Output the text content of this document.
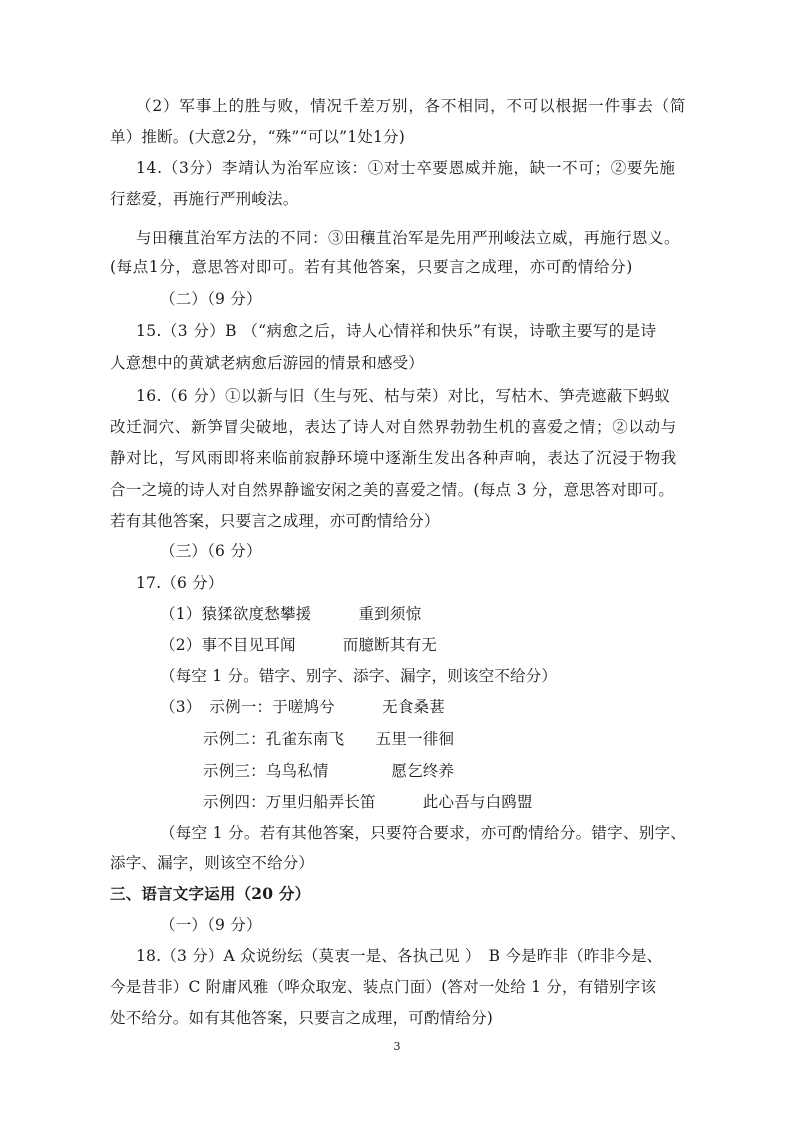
（2）军事上的胜与败，情况千差万别，各不相同，不可以根据一件事去（简
单）推断。(大意2分，“殊”“可以”1处1分)
14.（3分）李靖认为治军应该：①对士卒要恩威并施，缺一不可；②要先施
行慈爱，再施行严刑峻法。
与田穰苴治军方法的不同：③田穰苴治军是先用严刑峻法立威，再施行恩义。
(每点1分，意思答对即可。若有其他答案，只要言之成理，亦可酌情给分)
（二）（9 分）
15.（3 分）B （“病愈之后，诗人心情祥和快乐”有误，诗歌主要写的是诗
人意想中的黄斌老病愈后游园的情景和感受）
16.（6 分）①以新与旧（生与死、枯与荣）对比，写枯木、笋壳遮蔽下蚂蚁
改迁洞穴、新笋冒尖破地，表达了诗人对自然界勃勃生机的喜爱之情；②以动与
静对比，写风雨即将来临前寂静环境中逐渐生发出各种声响，表达了沉浸于物我
合一之境的诗人对自然界静谧安闲之美的喜爱之情。(每点 3 分，意思答对即可。
若有其他答案，只要言之成理，亦可酌情给分）
（三）（6 分）
17.（6 分）
（1）猿猱欲度愁攀援　　　重到须惊
（2）事不目见耳闻　　　而臆断其有无
（每空 1 分。错字、别字、添字、漏字，则该空不给分）
（3）　示例一：于嗟鸠兮　　　无食桑葚
示例二：孔雀东南飞　　五里一徘徊
示例三：乌鸟私情　　　　愿乞终养
示例四：万里归船弄长笛　　　此心吾与白鸥盟
（每空 1 分。若有其他答案，只要符合要求，亦可酌情给分。错字、别字、
添字、漏字，则该空不给分）
三、语言文字运用（20 分）
（一）（9 分）
18.（3 分）A 众说纷纭（莫衷一是、各执己见 ）　B 今是昨非（昨非今是、
今是昔非）C 附庸风雅（哗众取宠、装点门面）(答对一处给 1 分，有错别字该
处不给分。如有其他答案，只要言之成理，可酌情给分)
3
